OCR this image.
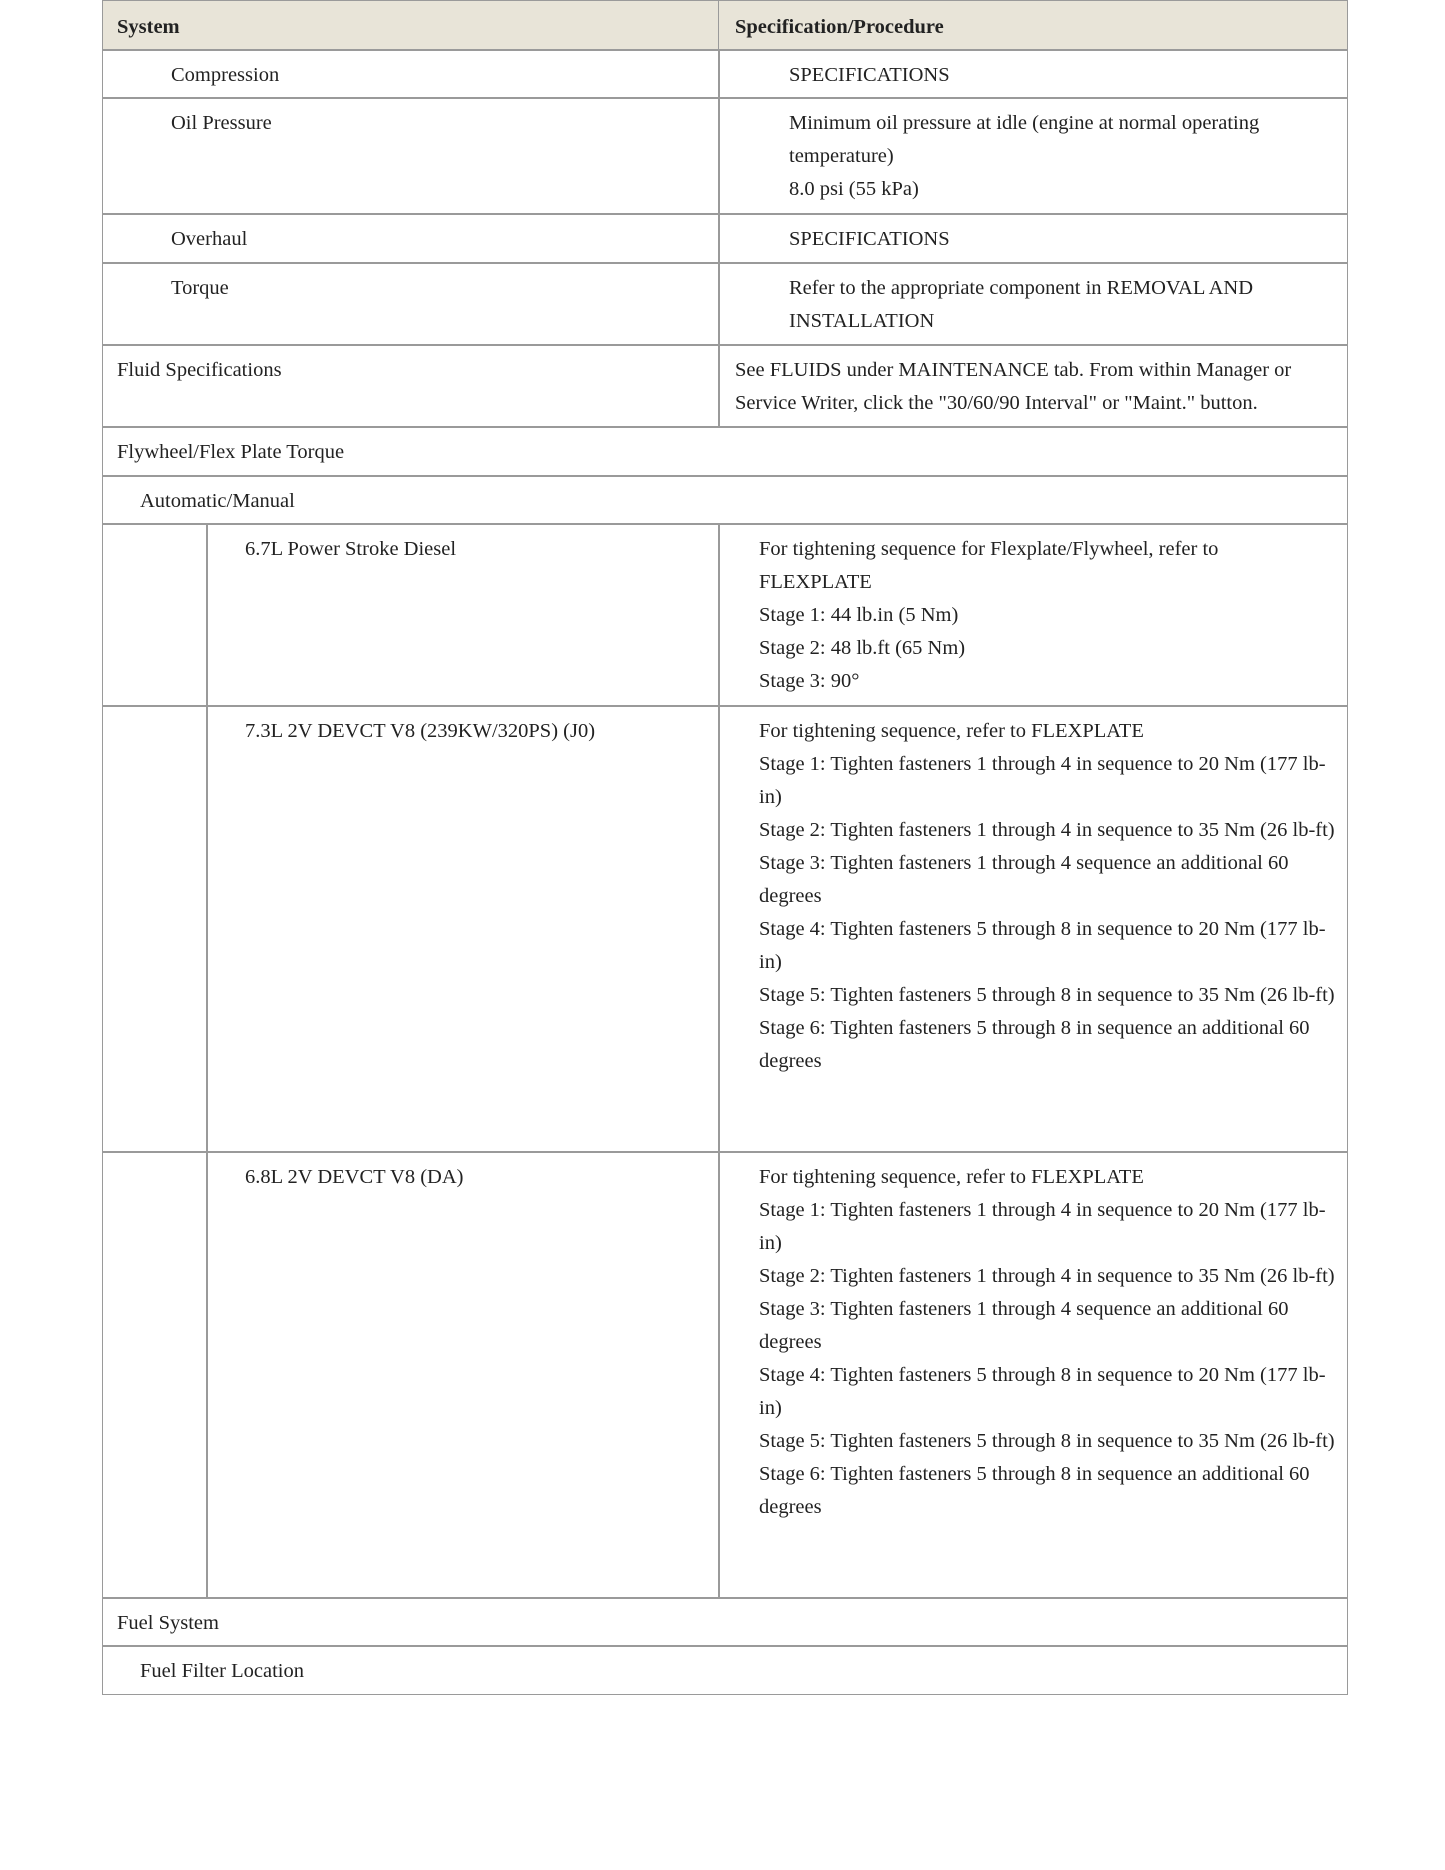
System	Specification/Procedure
Compression	SPECIFICATIONS
Oil Pressure	Minimum oil pressure at idle (engine at normal operating temperature)
8.0 psi (55 kPa)
Overhaul	SPECIFICATIONS
Torque	Refer to the appropriate component in REMOVAL AND INSTALLATION
Fluid Specifications	See FLUIDS under MAINTENANCE tab. From within Manager or Service Writer, click the "30/60/90 Interval" or "Maint." button.
Flywheel/Flex Plate Torque
Automatic/Manual
6.7L Power Stroke Diesel	For tightening sequence for Flexplate/Flywheel, refer to FLEXPLATE
Stage 1: 44 lb.in (5 Nm)
Stage 2: 48 lb.ft (65 Nm)
Stage 3: 90°
7.3L 2V DEVCT V8 (239KW/320PS) (J0)	For tightening sequence, refer to FLEXPLATE
Stage 1: Tighten fasteners 1 through 4 in sequence to 20 Nm (177 lb-in)
Stage 2: Tighten fasteners 1 through 4 in sequence to 35 Nm (26 lb-ft)
Stage 3: Tighten fasteners 1 through 4 sequence an additional 60 degrees
Stage 4: Tighten fasteners 5 through 8 in sequence to 20 Nm (177 lb-in)
Stage 5: Tighten fasteners 5 through 8 in sequence to 35 Nm (26 lb-ft)
Stage 6: Tighten fasteners 5 through 8 in sequence an additional 60 degrees
6.8L 2V DEVCT V8 (DA)	For tightening sequence, refer to FLEXPLATE
Stage 1: Tighten fasteners 1 through 4 in sequence to 20 Nm (177 lb-in)
Stage 2: Tighten fasteners 1 through 4 in sequence to 35 Nm (26 lb-ft)
Stage 3: Tighten fasteners 1 through 4 sequence an additional 60 degrees
Stage 4: Tighten fasteners 5 through 8 in sequence to 20 Nm (177 lb-in)
Stage 5: Tighten fasteners 5 through 8 in sequence to 35 Nm (26 lb-ft)
Stage 6: Tighten fasteners 5 through 8 in sequence an additional 60 degrees
Fuel System
Fuel Filter Location
